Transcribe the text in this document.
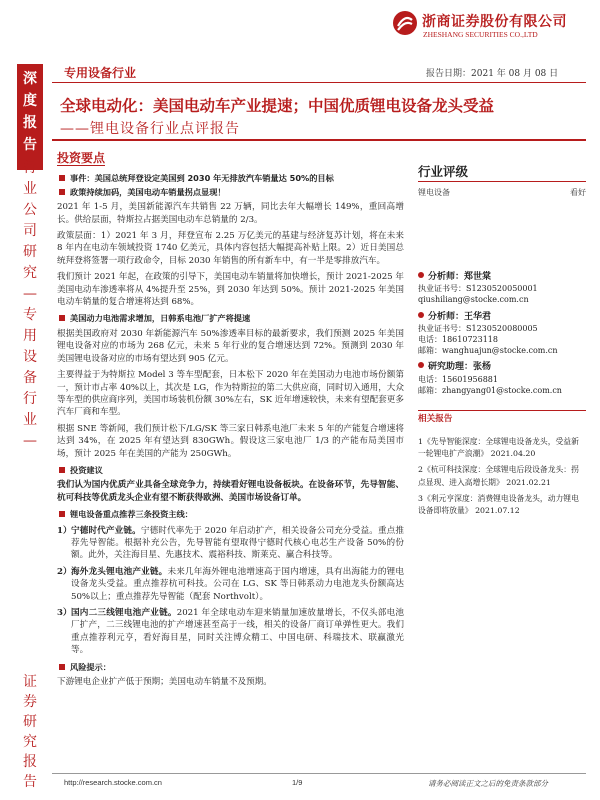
浙商证券股份有限公司
ZHESHANG SECURITIES CO.,LTD
深
度
报
告
行
业
公
司
研
究
—
专
用
设
备
行
业
—
证
券
研
究
报
告
专用设备行业	报告日期：2021 年 08 月 08 日
全球电动化：美国电动车产业提速；中国优质锂电设备龙头受益
——锂电设备行业点评报告
投资要点
事件：美国总统拜登设定美国到 2030 年无排放汽车销量达 50%的目标
政策持续加码，美国电动车销量拐点显现！

2021 年 1-5 月，美国新能源汽车共销售 22 万辆，同比去年大幅增长 149%，重回高增长。供给层面，特斯拉占据美国电动车总销量的 2/3。

政策层面：1）2021 年 3 月，拜登宣布 2.25 万亿美元的基建与经济复苏计划，将在未来 8 年内在电动车领域投资 1740 亿美元，具体内容包括大幅提高补贴上限。2）近日美国总统拜登将签署一项行政命令，目标 2030 年销售的所有新车中，有一半是零排放汽车。

我们预计 2021 年起，在政策的引导下，美国电动车销量将加快增长，预计 2021-2025 年美国电动车渗透率将从 4%提升至 25%，到 2030 年达到 50%。预计 2021-2025 年美国电动车销量的复合增速将达到 68%。

美国动力电池需求增加，日韩系电池厂扩产将提速

根据美国政府对 2030 年新能源汽车 50%渗透率目标的最新要求，我们预测 2025 年美国锂电设备对应的市场为 268 亿元，未来 5 年行业的复合增速达到 72%。预测到 2030 年美国锂电设备对应的市场有望达到 905 亿元。

主要得益于为特斯拉 Model 3 等车型配套，日本松下 2020 年在美国动力电池市场份额第一，预计市占率 40%以上，其次是 LG，作为特斯拉的第二大供应商，同时切入通用，大众等车型的供应商序列，美国市场装机份额 30%左右，SK 近年增速较快，未来有望配套更多汽车厂商和车型。

根据 SNE 等新闻，我们预计松下/LG/SK 等三家日韩系电池厂未来 5 年的产能复合增速将达到 34%，在 2025 年有望达到 830GWh。假设这三家电池厂 1/3 的产能布局美国市场，预计 2025 年在美国的产能为 250GWh。

投资建议

我们认为国内优质产业具备全球竞争力，持续看好锂电设备板块。在设备环节，先导智能、杭可科技等优质龙头企业有望不断获得欧洲、美国市场设备订单。

锂电设备重点推荐三条投资主线：
1） 宁德时代产业链。宁德时代率先于 2020 年启动扩产，相关设备公司充分受益。重点推荐先导智能。根据补充公告，先导智能有望取得宁德时代核心电芯生产设备 50%的份额。此外，关注海目星、先惠技术、震裕科技、斯莱克、赢合科技等。
2） 海外龙头锂电池产业链。未来几年海外锂电池增速高于国内增速，具有出海能力的锂电设备龙头受益。重点推荐杭可科技。公司在 LG、SK 等日韩系动力电池龙头份额高达 50%以上；重点推荐先导智能（配套 Northvolt）。
3） 国内二三线锂电池产业链。2021 年全球电动车迎来销量加速放量增长，不仅头部电池厂扩产，二三线锂电池的扩产增速甚至高于一线，相关的设备厂商订单弹性更大。我们重点推荐利元亨，看好海目星，同时关注博众精工、中国电研、科瑞技术、联赢激光等。
风险提示：

下游锂电企业扩产低于预期；美国电动车销量不及预期。

行业评级
锂电设备	看好
分析师：郑世棠
执业证书号：S1230520050001
qiushiliang@stocke.com.cn
分析师：王华君
执业证书号：S1230520080005
电话：18610723118
邮箱：wanghuajun@stocke.com.cn
研究助理：张杨
电话：15601956881
邮箱：zhangyang01@stocke.com.cn
相关报告
1《先导智能深度：全球锂电设备龙头，受益新一轮锂电扩产浪潮》 2021.04.20
2《杭可科技深度：全球锂电后段设备龙头：拐点显现、进入高增长期》 2021.02.21
3《利元亨深度：消费锂电设备龙头，动力锂电设备即将放量》 2021.07.12
http://research.stocke.com.cn	1/9	请务必阅读正文之后的免责条款部分
